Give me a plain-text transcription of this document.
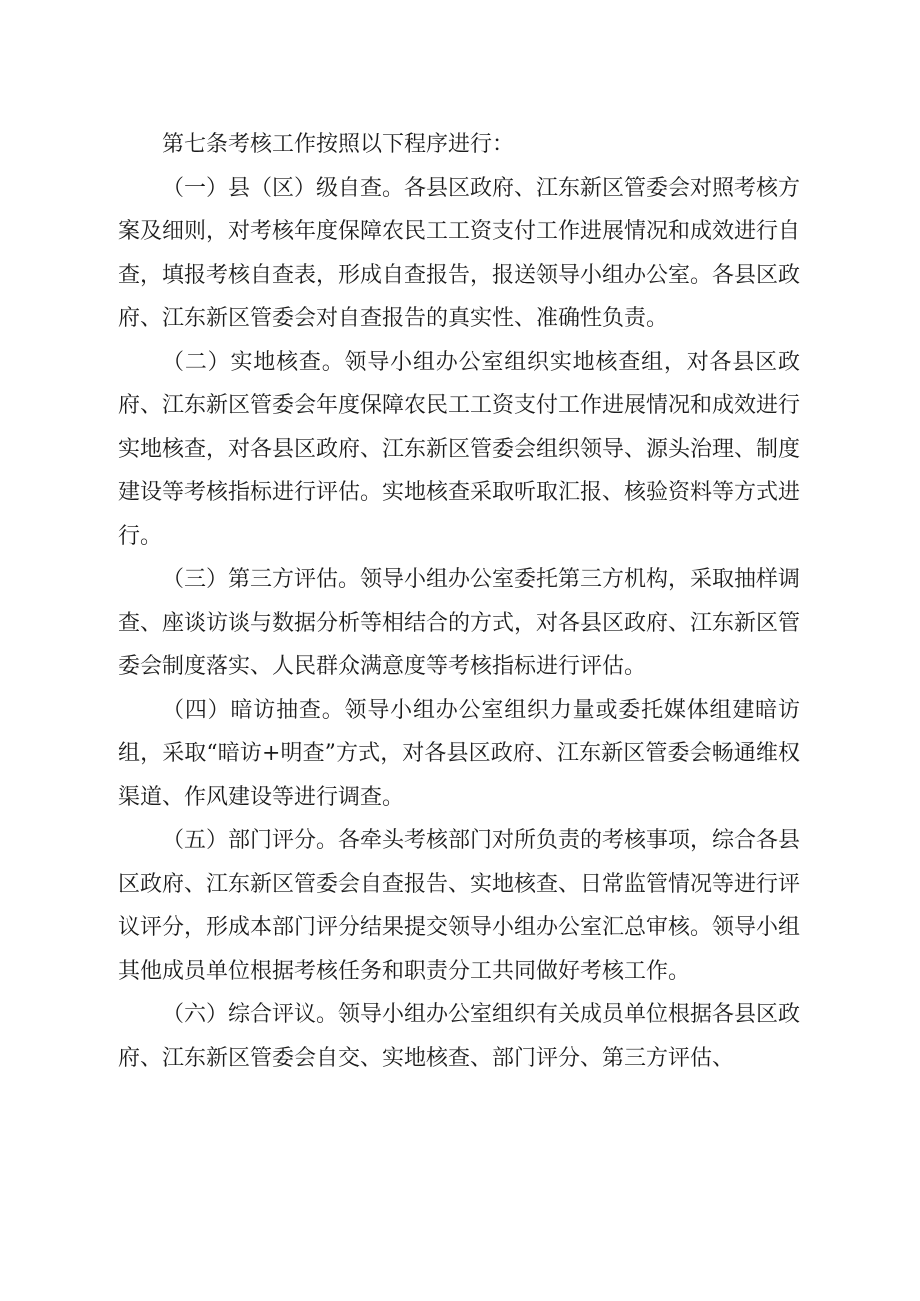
第七条考核工作按照以下程序进行：

（一）县（区）级自查。各县区政府、江东新区管委会对照考核方案及细则，对考核年度保障农民工工资支付工作进展情况和成效进行自查，填报考核自查表，形成自查报告，报送领导小组办公室。各县区政府、江东新区管委会对自查报告的真实性、准确性负责。

（二）实地核查。领导小组办公室组织实地核查组，对各县区政府、江东新区管委会年度保障农民工工资支付工作进展情况和成效进行实地核查，对各县区政府、江东新区管委会组织领导、源头治理、制度建设等考核指标进行评估。实地核查采取听取汇报、核验资料等方式进行。

（三）第三方评估。领导小组办公室委托第三方机构，采取抽样调查、座谈访谈与数据分析等相结合的方式，对各县区政府、江东新区管委会制度落实、人民群众满意度等考核指标进行评估。

（四）暗访抽查。领导小组办公室组织力量或委托媒体组建暗访组，采取“暗访+明查”方式，对各县区政府、江东新区管委会畅通维权渠道、作风建设等进行调查。

（五）部门评分。各牵头考核部门对所负责的考核事项，综合各县区政府、江东新区管委会自查报告、实地核查、日常监管情况等进行评议评分，形成本部门评分结果提交领导小组办公室汇总审核。领导小组其他成员单位根据考核任务和职责分工共同做好考核工作。

（六）综合评议。领导小组办公室组织有关成员单位根据各县区政府、江东新区管委会自交、实地核查、部门评分、第三方评估、
